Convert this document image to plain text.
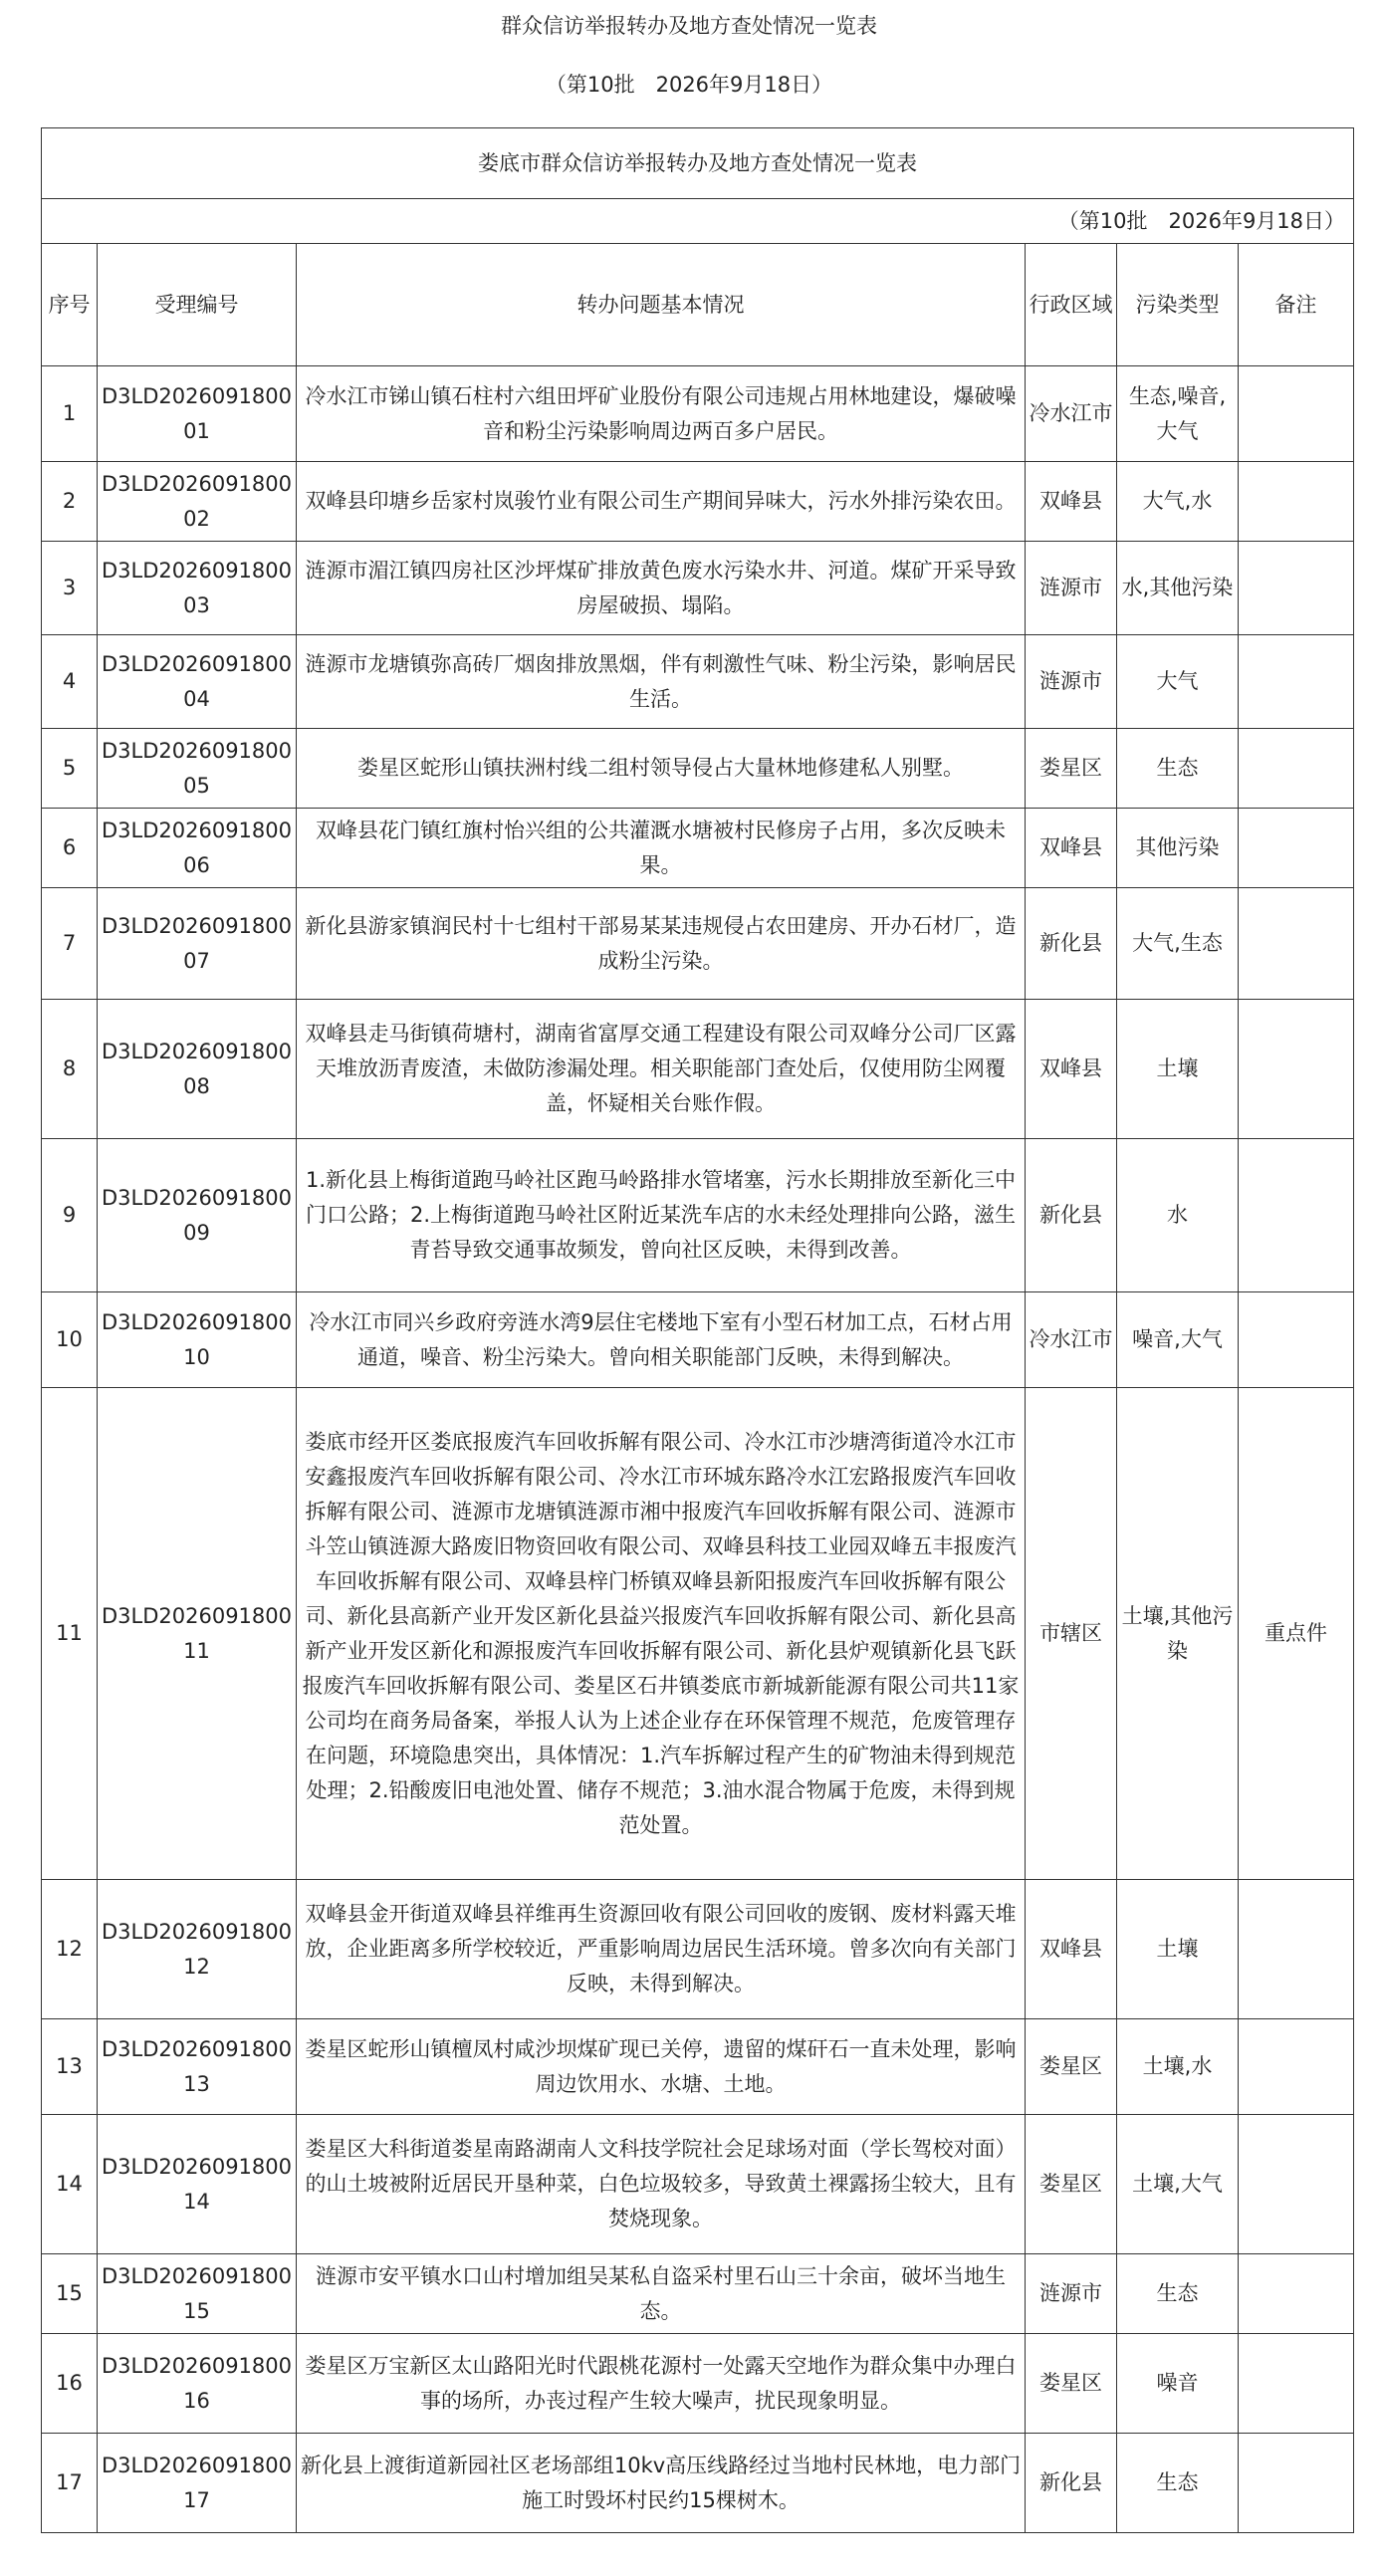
群众信访举报转办及地方查处情况一览表
（第10批　2026年9月18日）
娄底市群众信访举报转办及地方查处情况一览表					
（第10批　2026年9月18日）					
序号	受理编号	转办问题基本情况	行政区域	污染类型	备注
1	D3LD202609180001	冷水江市锑山镇石柱村六组田坪矿业股份有限公司违规占用林地建设，爆破噪音和粉尘污染影响周边两百多户居民。	冷水江市	生态,噪音,大气	
2	D3LD202609180002	双峰县印塘乡岳家村岚骏竹业有限公司生产期间异味大，污水外排污染农田。	双峰县	大气,水	
3	D3LD202609180003	涟源市湄江镇四房社区沙坪煤矿排放黄色废水污染水井、河道。煤矿开采导致房屋破损、塌陷。	涟源市	水,其他污染	
4	D3LD202609180004	涟源市龙塘镇弥高砖厂烟囱排放黑烟，伴有刺激性气味、粉尘污染，影响居民生活。	涟源市	大气	
5	D3LD202609180005	娄星区蛇形山镇扶洲村线二组村领导侵占大量林地修建私人别墅。	娄星区	生态	
6	D3LD202609180006	双峰县花门镇红旗村怡兴组的公共灌溉水塘被村民修房子占用，多次反映未果。	双峰县	其他污染	
7	D3LD202609180007	新化县游家镇润民村十七组村干部易某某违规侵占农田建房、开办石材厂，造成粉尘污染。	新化县	大气,生态	
8	D3LD202609180008	双峰县走马街镇荷塘村，湖南省富厚交通工程建设有限公司双峰分公司厂区露天堆放沥青废渣，未做防渗漏处理。相关职能部门查处后，仅使用防尘网覆盖，怀疑相关台账作假。	双峰县	土壤	
9	D3LD202609180009	1.新化县上梅街道跑马岭社区跑马岭路排水管堵塞，污水长期排放至新化三中门口公路；2.上梅街道跑马岭社区附近某洗车店的水未经处理排向公路，滋生青苔导致交通事故频发，曾向社区反映，未得到改善。	新化县	水	
10	D3LD202609180010	冷水江市同兴乡政府旁涟水湾9层住宅楼地下室有小型石材加工点，石材占用通道，噪音、粉尘污染大。曾向相关职能部门反映，未得到解决。	冷水江市	噪音,大气	
11	D3LD202609180011	娄底市经开区娄底报废汽车回收拆解有限公司、冷水江市沙塘湾街道冷水江市安鑫报废汽车回收拆解有限公司、冷水江市环城东路冷水江宏路报废汽车回收拆解有限公司、涟源市龙塘镇涟源市湘中报废汽车回收拆解有限公司、涟源市斗笠山镇涟源大路废旧物资回收有限公司、双峰县科技工业园双峰五丰报废汽车回收拆解有限公司、双峰县梓门桥镇双峰县新阳报废汽车回收拆解有限公司、新化县高新产业开发区新化县益兴报废汽车回收拆解有限公司、新化县高新产业开发区新化和源报废汽车回收拆解有限公司、新化县炉观镇新化县飞跃报废汽车回收拆解有限公司、娄星区石井镇娄底市新城新能源有限公司共11家公司均在商务局备案，举报人认为上述企业存在环保管理不规范，危废管理存在问题，环境隐患突出，具体情况：1.汽车拆解过程产生的矿物油未得到规范处理；2.铅酸废旧电池处置、储存不规范；3.油水混合物属于危废，未得到规范处置。	市辖区	土壤,其他污染	重点件
12	D3LD202609180012	双峰县金开街道双峰县祥维再生资源回收有限公司回收的废钢、废材料露天堆放，企业距离多所学校较近，严重影响周边居民生活环境。曾多次向有关部门反映，未得到解决。	双峰县	土壤	
13	D3LD202609180013	娄星区蛇形山镇檀凤村咸沙坝煤矿现已关停，遗留的煤矸石一直未处理，影响周边饮用水、水塘、土地。	娄星区	土壤,水	
14	D3LD202609180014	娄星区大科街道娄星南路湖南人文科技学院社会足球场对面（学长驾校对面）的山土坡被附近居民开垦种菜，白色垃圾较多，导致黄土裸露扬尘较大，且有焚烧现象。	娄星区	土壤,大气	
15	D3LD202609180015	涟源市安平镇水口山村增加组吴某私自盗采村里石山三十余亩，破坏当地生态。	涟源市	生态	
16	D3LD202609180016	娄星区万宝新区太山路阳光时代跟桃花源村一处露天空地作为群众集中办理白事的场所，办丧过程产生较大噪声，扰民现象明显。	娄星区	噪音	
17	D3LD202609180017	新化县上渡街道新园社区老场部组10kv高压线路经过当地村民林地，电力部门施工时毁坏村民约15棵树木。	新化县	生态	
